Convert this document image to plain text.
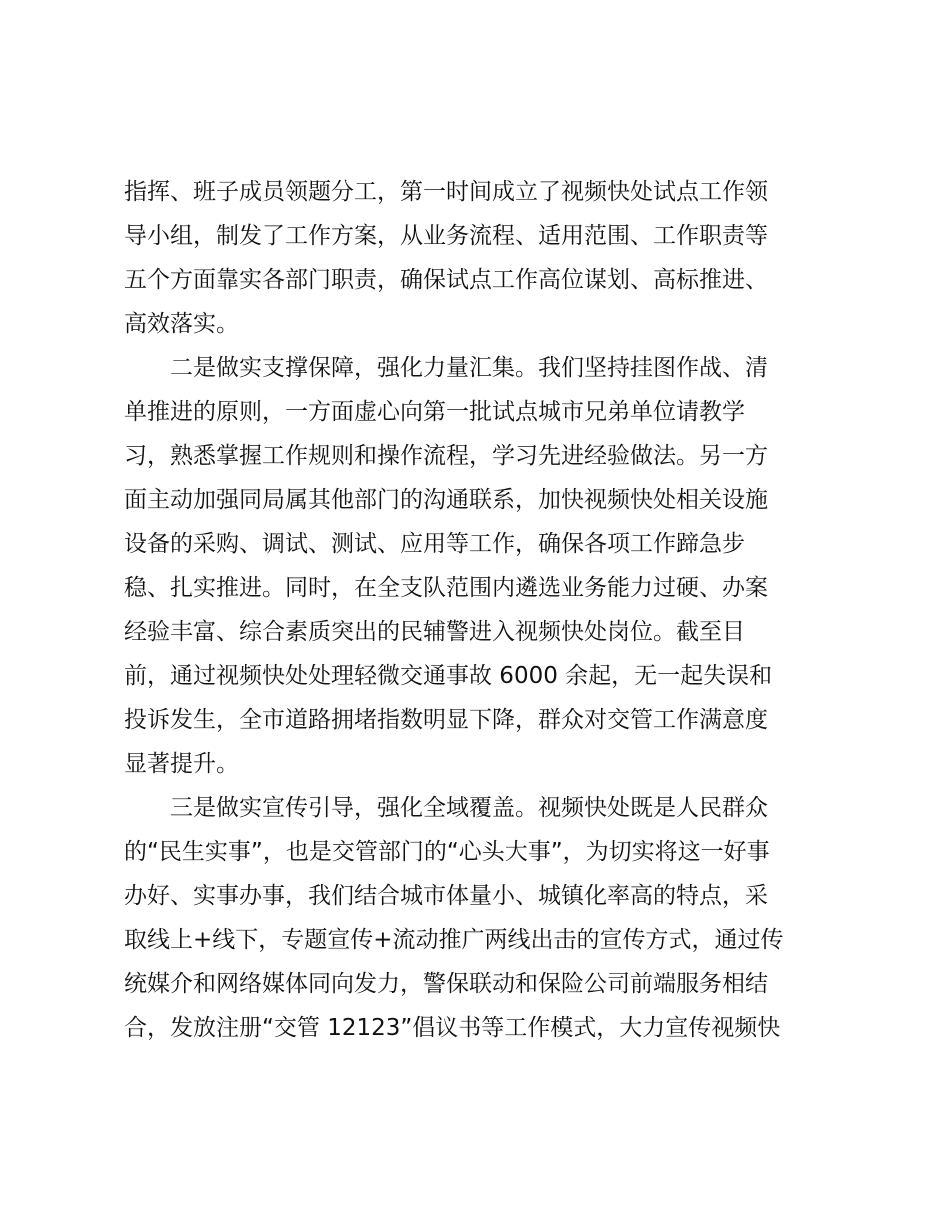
指挥、班子成员领题分工，第一时间成立了视频快处试点工作领
导小组，制发了工作方案，从业务流程、适用范围、工作职责等
五个方面靠实各部门职责，确保试点工作高位谋划、高标推进、
高效落实。
二是做实支撑保障，强化力量汇集。我们坚持挂图作战、清
单推进的原则，一方面虚心向第一批试点城市兄弟单位请教学
习，熟悉掌握工作规则和操作流程，学习先进经验做法。另一方
面主动加强同局属其他部门的沟通联系，加快视频快处相关设施
设备的采购、调试、测试、应用等工作，确保各项工作蹄急步
稳、扎实推进。同时，在全支队范围内遴选业务能力过硬、办案
经验丰富、综合素质突出的民辅警进入视频快处岗位。截至目
前，通过视频快处处理轻微交通事故 6000 余起，无一起失误和
投诉发生，全市道路拥堵指数明显下降，群众对交管工作满意度
显著提升。
三是做实宣传引导，强化全域覆盖。视频快处既是人民群众
的“民生实事”，也是交管部门的“心头大事”，为切实将这一好事
办好、实事办事，我们结合城市体量小、城镇化率高的特点，采
取线上+线下，专题宣传+流动推广两线出击的宣传方式，通过传
统媒介和网络媒体同向发力，警保联动和保险公司前端服务相结
合，发放注册“交管 12123”倡议书等工作模式，大力宣传视频快
